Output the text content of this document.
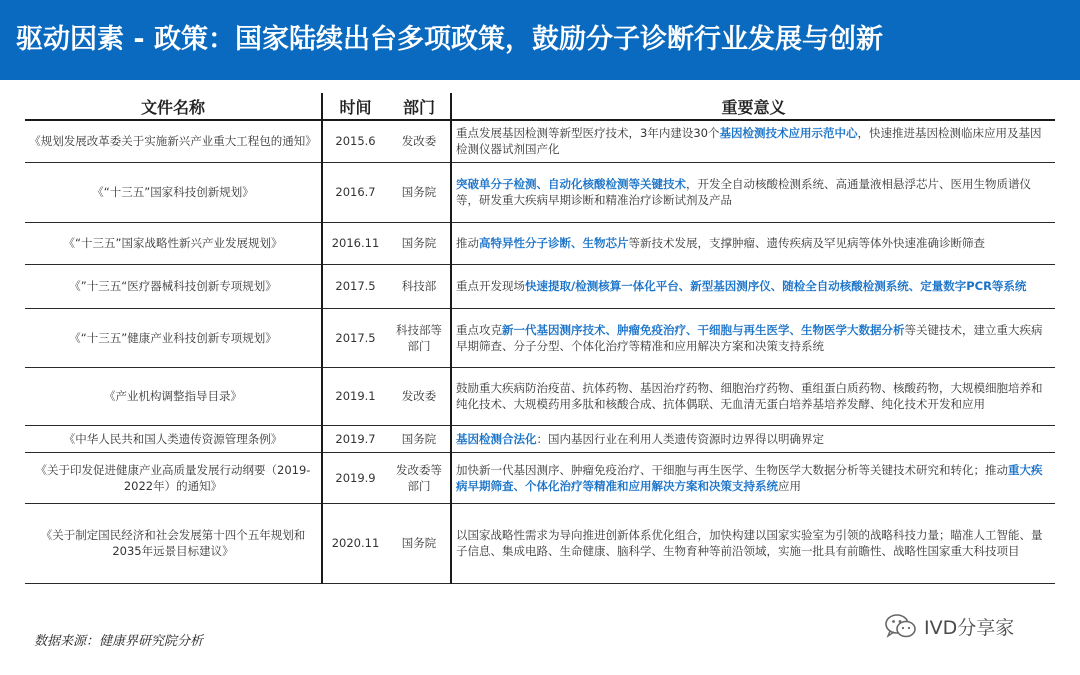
驱动因素 - 政策：国家陆续出台多项政策，鼓励分子诊断行业发展与创新
文件名称	时间	部门	重要意义
《规划发展改革委关于实施新兴产业重大工程包的通知》	2015.6	发改委	重点发展基因检测等新型医疗技术，3年内建设30个基因检测技术应用示范中心，快速推进基因检测临床应用及基因检测仪器试剂国产化
《“十三五”国家科技创新规划》	2016.7	国务院	突破单分子检测、自动化核酸检测等关键技术，开发全自动核酸检测系统、高通量液相悬浮芯片、医用生物质谱仪等，研发重大疾病早期诊断和精准治疗诊断试剂及产品
《“十三五”国家战略性新兴产业发展规划》	2016.11	国务院	推动高特异性分子诊断、生物芯片等新技术发展，支撑肿瘤、遗传疾病及罕见病等体外快速准确诊断筛查
《”十三五“医疗器械科技创新专项规划》	2017.5	科技部	重点开发现场快速提取/检测核算一体化平台、新型基因测序仪、随检全自动核酸检测系统、定量数字PCR等系统
《“十三五”健康产业科技创新专项规划》	2017.5	科技部等部门	重点攻克新一代基因测序技术、肿瘤免疫治疗、干细胞与再生医学、生物医学大数据分析等关键技术，建立重大疾病早期筛查、分子分型、个体化治疗等精准和应用解决方案和决策支持系统
《产业机构调整指导目录》	2019.1	发改委	鼓励重大疾病防治疫苗、抗体药物、基因治疗药物、细胞治疗药物、重组蛋白质药物、核酸药物，大规模细胞培养和纯化技术、大规模药用多肽和核酸合成、抗体偶联、无血清无蛋白培养基培养发酵、纯化技术开发和应用
《中华人民共和国人类遗传资源管理条例》	2019.7	国务院	基因检测合法化：国内基因行业在利用人类遗传资源时边界得以明确界定
《关于印发促进健康产业高质量发展行动纲要（2019-2022年）的通知》	2019.9	发改委等部门	加快新一代基因测序、肿瘤免疫治疗、干细胞与再生医学、生物医学大数据分析等关键技术研究和转化；推动重大疾病早期筛查、个体化治疗等精准和应用解决方案和决策支持系统应用
《关于制定国民经济和社会发展第十四个五年规划和2035年远景目标建议》	2020.11	国务院	以国家战略性需求为导向推进创新体系优化组合，加快构建以国家实验室为引领的战略科技力量；瞄准人工智能、量子信息、集成电路、生命健康、脑科学、生物育种等前沿领域，实施一批具有前瞻性、战略性国家重大科技项目
数据来源：健康界研究院分析
IVD分享家
